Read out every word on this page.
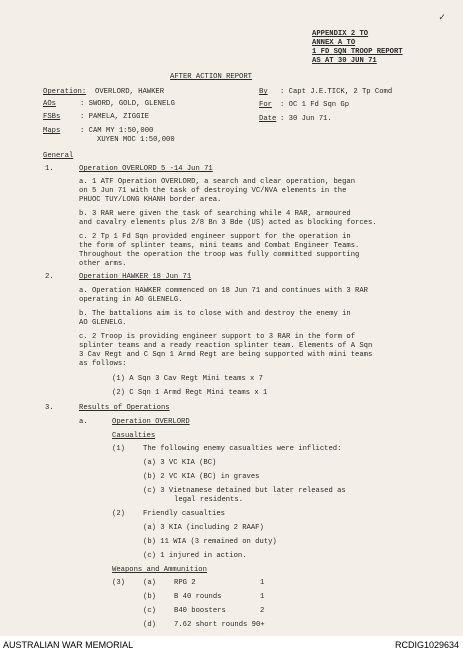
✓
APPENDIX 2 TO
ANNEX A TO
1 FD SQN TROOP REPORT
AS AT 30 JUN 71
AFTER ACTION REPORT
Operation: OVERLORD, HAWKER
AOs	: SWORD, GOLD, GLENELG
FSBs	: PAMELA, ZIGGIE
Maps	: CAM MY 1:50,000
XUYEN MOC 1:50,000
By : Capt J.E.TICK, 2 Tp Comd
For : OC 1 Fd Sqn Gp
Date : 30 Jun 71.
General
1.	Operation OVERLORD 5 -14 Jun 71
a. 1 ATF Operation OVERLORD, a search and clear operation, began
on 5 Jun 71 with the task of destroying VC/NVA elements in the
PHUOC TUY/LONG KHANH border area.
b. 3 RAR were given the task of searching while 4 RAR, armoured
and cavalry elements plus 2/8 Bn 3 Bde (US) acted as blocking forces.
c. 2 Tp 1 Fd Sqn provided engineer support for the operation in
the form of splinter teams, mini teams and Combat Engineer Teams.
Throughout the operation the troop was fully committed supporting
other arms.
2.	Operation HAWKER 18 Jun 71
a. Operation HAWKER commenced on 18 Jun 71 and continues with 3 RAR
operating in AO GLENELG.
b. The battalions aim is to close with and destroy the enemy in
AO GLENELG.
c. 2 Troop is providing engineer support to 3 RAR in the form of
splinter teams and a ready reaction splinter team. Elements of A Sqn
3 Cav Regt and C Sqn 1 Armd Regt are being supported with mini teams
as follows:
(1) A Sqn 3 Cav Regt Mini teams x 7
(2) C Sqn 1 Armd Regt Mini teams x 1
3.	Results of Operations
a.	Operation OVERLORD
Casualties
(1)	The following enemy casualties were inflicted:
(a) 3 VC KIA (BC)
(b) 2 VC KIA (BC) in graves
(c) 3 Vietnamese detained but later released as
legal residents.
(2)	Friendly casualties
(a) 3 KIA (including 2 RAAF)
(b) 11 WIA (3 remained on duty)
(c) 1 injured in action.
Weapons and Ammunition
(3)	(a)	RPG 2	1
(b)	B 40 rounds	1
(c)	B40 boosters	2
(d)	7.62 short rounds 90+
AUSTRALIAN WAR MEMORIAL	RCDIG1029634
